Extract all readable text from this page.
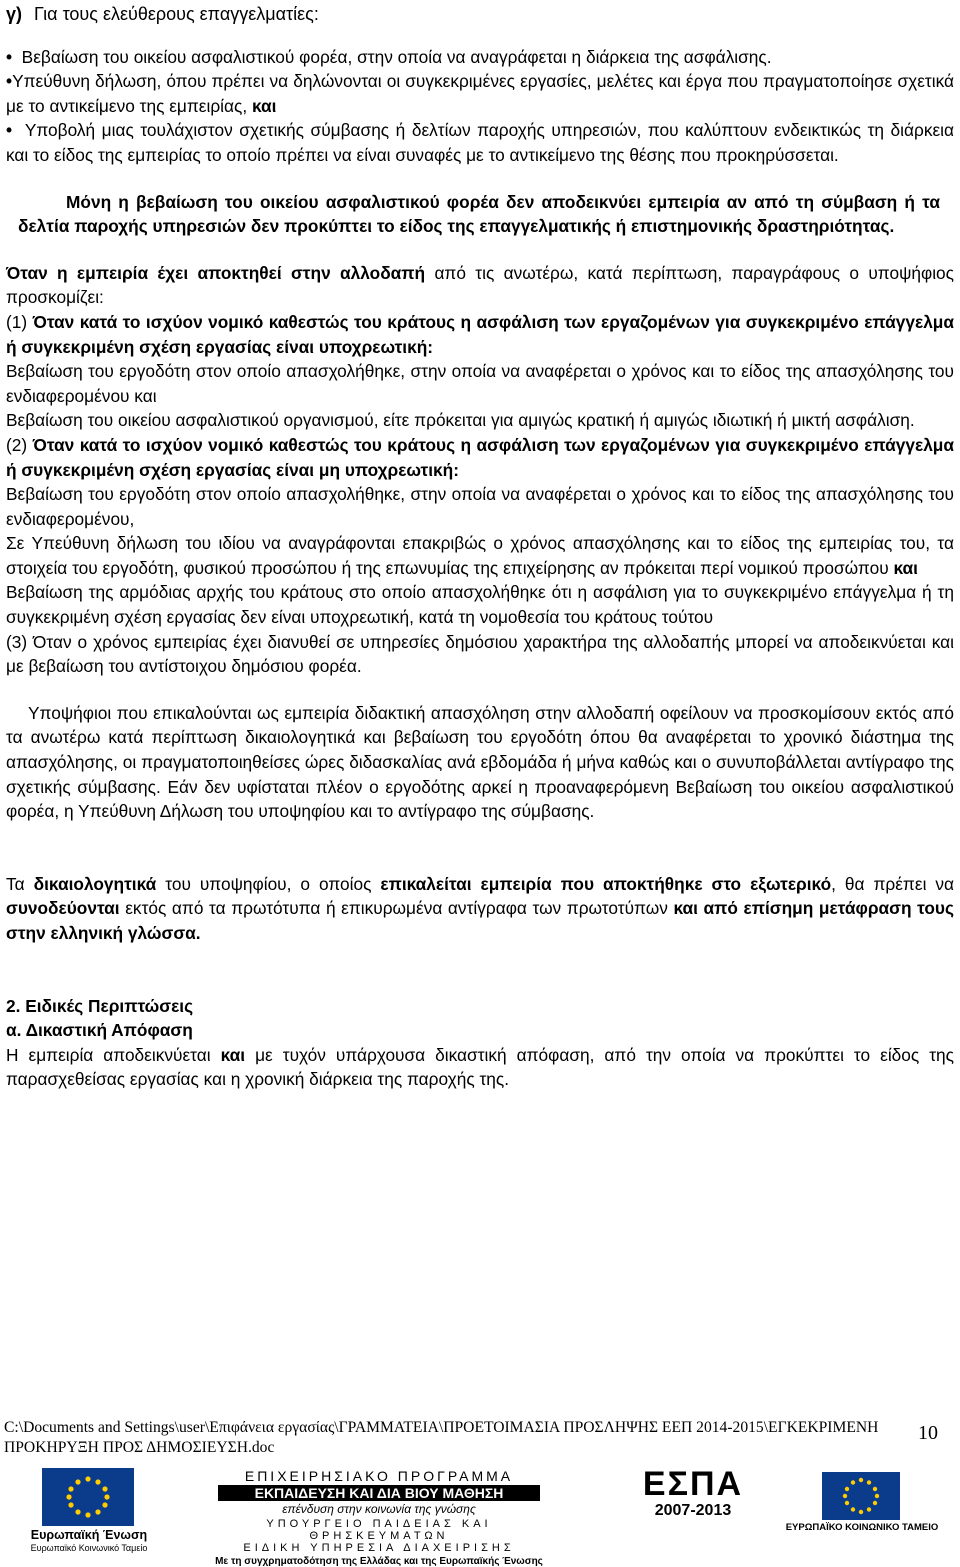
γ) Για τους ελεύθερους επαγγελματίες:

• Βεβαίωση του οικείου ασφαλιστικού φορέα, στην οποία να αναγράφεται η διάρκεια της ασφάλισης.

•Υπεύθυνη δήλωση, όπου πρέπει να δηλώνονται οι συγκεκριμένες εργασίες, μελέτες και έργα που πραγματοποίησε σχετικά με το αντικείμενο της εμπειρίας, και

• Υποβολή μιας τουλάχιστον σχετικής σύμβασης ή δελτίων παροχής υπηρεσιών, που καλύπτουν ενδεικτικώς τη διάρκεια και το είδος της εμπειρίας το οποίο πρέπει να είναι συναφές με το αντικείμενο της θέσης που προκηρύσσεται.

Μόνη η βεβαίωση του οικείου ασφαλιστικού φορέα δεν αποδεικνύει εμπειρία αν από τη σύμβαση ή τα δελτία παροχής υπηρεσιών δεν προκύπτει το είδος της επαγγελματικής ή επιστημονικής δραστηριότητας.

Όταν η εμπειρία έχει αποκτηθεί στην αλλοδαπή από τις ανωτέρω, κατά περίπτωση, παραγράφους ο υποψήφιος προσκομίζει:

(1) Όταν κατά το ισχύον νομικό καθεστώς του κράτους η ασφάλιση των εργαζομένων για συγκεκριμένο επάγγελμα ή συγκεκριμένη σχέση εργασίας είναι υποχρεωτική:

Βεβαίωση του εργοδότη στον οποίο απασχολήθηκε, στην οποία να αναφέρεται ο χρόνος και το είδος της απασχόλησης του ενδιαφερομένου και

Βεβαίωση του οικείου ασφαλιστικού οργανισμού, είτε πρόκειται για αμιγώς κρατική ή αμιγώς ιδιωτική ή μικτή ασφάλιση.

(2) Όταν κατά το ισχύον νομικό καθεστώς του κράτους η ασφάλιση των εργαζομένων για συγκεκριμένο επάγγελμα ή συγκεκριμένη σχέση εργασίας είναι μη υποχρεωτική:

Βεβαίωση του εργοδότη στον οποίο απασχολήθηκε, στην οποία να αναφέρεται ο χρόνος και το είδος της απασχόλησης του ενδιαφερομένου,

Σε Υπεύθυνη δήλωση του ιδίου να αναγράφονται επακριβώς ο χρόνος απασχόλησης και το είδος της εμπειρίας του, τα στοιχεία του εργοδότη, φυσικού προσώπου ή της επωνυμίας της επιχείρησης αν πρόκειται περί νομικού προσώπου και

Βεβαίωση της αρμόδιας αρχής του κράτους στο οποίο απασχολήθηκε ότι η ασφάλιση για το συγκεκριμένο επάγγελμα ή τη συγκεκριμένη σχέση εργασίας δεν είναι υποχρεωτική, κατά τη νομοθεσία του κράτους τούτου

(3) Όταν ο χρόνος εμπειρίας έχει διανυθεί σε υπηρεσίες δημόσιου χαρακτήρα της αλλοδαπής μπορεί να αποδεικνύεται και με βεβαίωση του αντίστοιχου δημόσιου φορέα.

Υποψήφιοι που επικαλούνται ως εμπειρία διδακτική απασχόληση στην αλλοδαπή οφείλουν να προσκομίσουν εκτός από τα ανωτέρω κατά περίπτωση δικαιολογητικά και βεβαίωση του εργοδότη όπου θα αναφέρεται το χρονικό διάστημα της απασχόλησης, οι πραγματοποιηθείσες ώρες διδασκαλίας ανά εβδομάδα ή μήνα καθώς και ο συνυποβάλλεται αντίγραφο της σχετικής σύμβασης. Εάν δεν υφίσταται πλέον ο εργοδότης αρκεί η προαναφερόμενη Βεβαίωση του οικείου ασφαλιστικού φορέα, η Υπεύθυνη Δήλωση του υποψηφίου και το αντίγραφο της σύμβασης.

Τα δικαιολογητικά του υποψηφίου, ο οποίος επικαλείται εμπειρία που αποκτήθηκε στο εξωτερικό, θα πρέπει να συνοδεύονται εκτός από τα πρωτότυπα ή επικυρωμένα αντίγραφα των πρωτοτύπων και από επίσημη μετάφραση τους στην ελληνική γλώσσα.

2. Ειδικές Περιπτώσεις

α. Δικαστική Απόφαση

Η εμπειρία αποδεικνύεται και με τυχόν υπάρχουσα δικαστική απόφαση, από την οποία να προκύπτει το είδος της παρασχεθείσας εργασίας και η χρονική διάρκεια της παροχής της.

C:\Documents and Settings\user\Επιφάνεια εργασίας\ΓΡΑΜΜΑΤΕΙΑ\ΠΡΟΕΤΟΙΜΑΣΙΑ ΠΡΟΣΛΗΨΗΣ ΕΕΠ 2014-2015\ΕΓΚΕΚΡΙΜΕΝΗ ΠΡΟΚΗΡΥΞΗ ΠΡΟΣ ΔΗΜΟΣΙΕΥΣΗ.doc
10
Ευρωπαϊκή Ένωση
Ευρωπαϊκό Κοινωνικό Ταμείο
ΕΠΙΧΕΙΡΗΣΙΑΚΟ ΠΡΟΓΡΑΜΜΑ
ΕΚΠΑΙΔΕΥΣΗ ΚΑΙ ΔΙΑ ΒΙΟΥ ΜΑΘΗΣΗ
επένδυση στην κοινωνία της γνώσης
ΥΠΟΥΡΓΕΙΟ ΠΑΙΔΕΙΑΣ ΚΑΙ ΘΡΗΣΚΕΥΜΑΤΩΝ
ΕΙΔΙΚΗ ΥΠΗΡΕΣΙΑ ΔΙΑΧΕΙΡΙΣΗΣ
Με τη συγχρηματοδότηση της Ελλάδας και της Ευρωπαϊκής Ένωσης
ΕΣΠΑ
2007-2013
ΕΥΡΩΠΑΪΚΟ ΚΟΙΝΩΝΙΚΟ ΤΑΜΕΙΟ
